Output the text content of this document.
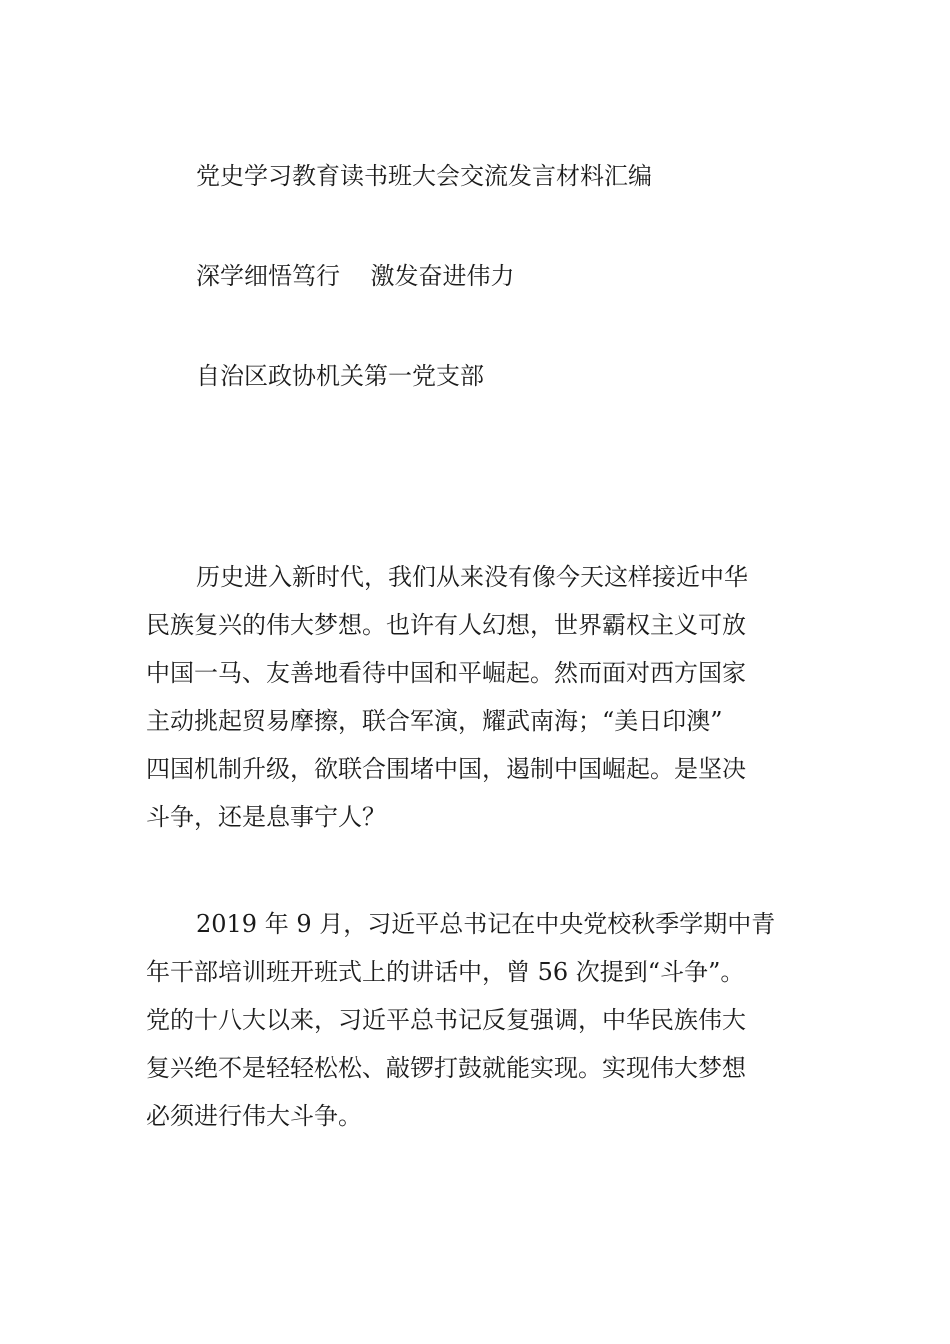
党史学习教育读书班大会交流发言材料汇编
深学细悟笃行    激发奋进伟力
自治区政协机关第一党支部
历史进入新时代，我们从来没有像今天这样接近中华
民族复兴的伟大梦想。也许有人幻想，世界霸权主义可放
中国一马、友善地看待中国和平崛起。然而面对西方国家
主动挑起贸易摩擦，联合军演，耀武南海；“美日印澳”
四国机制升级，欲联合围堵中国，遏制中国崛起。是坚决
斗争，还是息事宁人？
2019 年 9 月，习近平总书记在中央党校秋季学期中青
年干部培训班开班式上的讲话中，曾 56 次提到“斗争”。
党的十八大以来，习近平总书记反复强调，中华民族伟大
复兴绝不是轻轻松松、敲锣打鼓就能实现。实现伟大梦想
必须进行伟大斗争。
